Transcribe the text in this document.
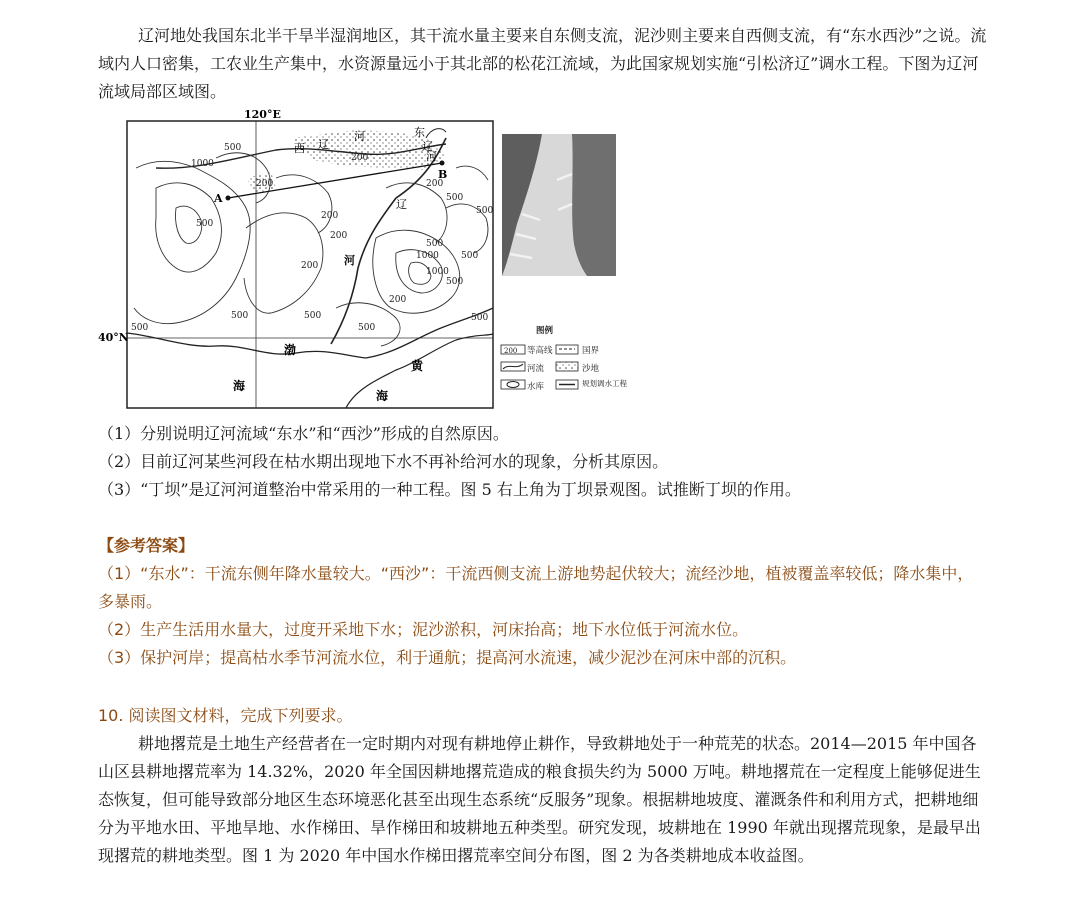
辽河地处我国东北半干旱半湿润地区，其干流水量主要来自东侧支流，泥沙则主要来自西侧支流，有“东水西沙”之说。流域内人口密集，工农业生产集中，水资源量远小于其北部的松花江流域，为此国家规划实施“引松济辽”调水工程。下图为辽河流域局部区域图。

120°E
40°N
1000
500
200
200
200
200
200
500
500
500
1000
500
200
500
500
500
500	500
500
200
1000 500
A
B
西 辽
河	东
辽
河
辽
河
渤
海
黄
海
图例
200 等高线	国界
河流	沙地
水库	规划调水工程

（1）分别说明辽河流域“东水”和“西沙”形成的自然原因。

（2）目前辽河某些河段在枯水期出现地下水不再补给河水的现象，分析其原因。

（3）“丁坝”是辽河河道整治中常采用的一种工程。图 5 右上角为丁坝景观图。试推断丁坝的作用。

【参考答案】

（1）“东水”：干流东侧年降水量较大。“西沙”：干流西侧支流上游地势起伏较大；流经沙地，植被覆盖率较低；降水集中，多暴雨。

（2）生产生活用水量大，过度开采地下水；泥沙淤积，河床抬高；地下水位低于河流水位。

（3）保护河岸；提高枯水季节河流水位，利于通航；提高河水流速，减少泥沙在河床中部的沉积。

10. 阅读图文材料，完成下列要求。

耕地撂荒是土地生产经营者在一定时期内对现有耕地停止耕作，导致耕地处于一种荒芜的状态。2014—2015 年中国各山区县耕地撂荒率为 14.32%，2020 年全国因耕地撂荒造成的粮食损失约为 5000 万吨。耕地撂荒在一定程度上能够促进生态恢复，但可能导致部分地区生态环境恶化甚至出现生态系统“反服务”现象。根据耕地坡度、灌溉条件和利用方式，把耕地细分为平地水田、平地旱地、水作梯田、旱作梯田和坡耕地五种类型。研究发现，坡耕地在 1990 年就出现撂荒现象，是最早出现撂荒的耕地类型。图 1 为 2020 年中国水作梯田撂荒率空间分布图，图 2 为各类耕地成本收益图。
